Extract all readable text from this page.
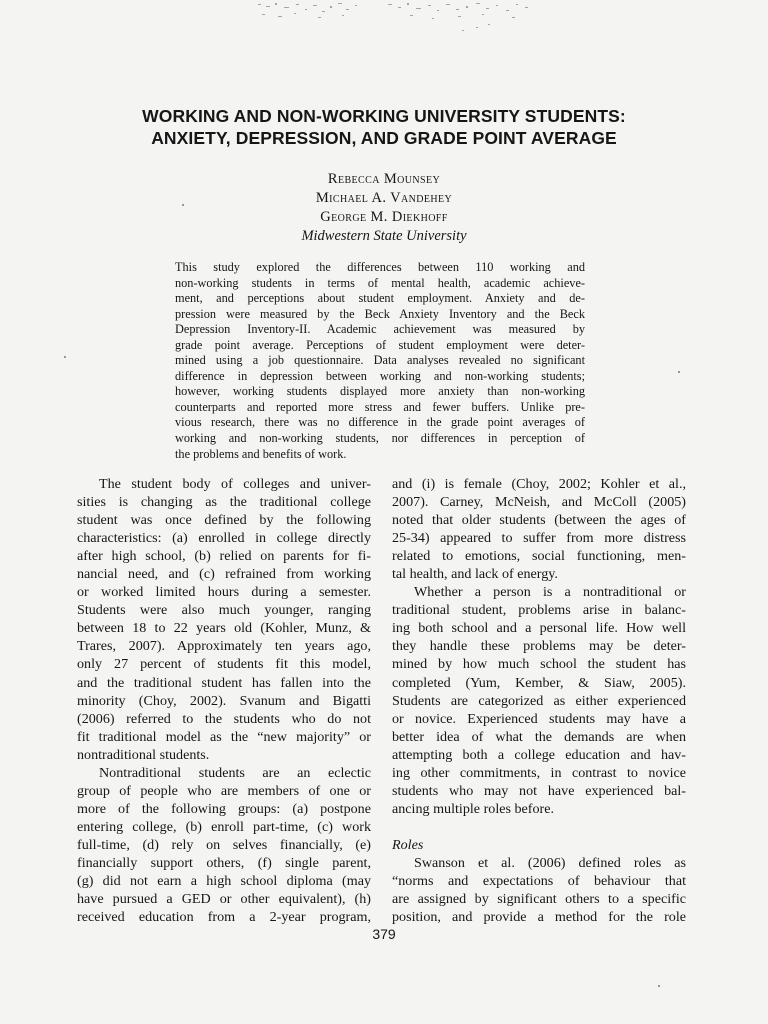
WORKING AND NON-WORKING UNIVERSITY STUDENTS:
ANXIETY, DEPRESSION, AND GRADE POINT AVERAGE
Rebecca Mounsey
Michael A. Vandehey
George M. Diekhoff
Midwestern State University
This study explored the differences between 110 working and
non-working students in terms of mental health, academic achieve-
ment, and perceptions about student employment. Anxiety and de-
pression were measured by the Beck Anxiety Inventory and the Beck
Depression Inventory-II. Academic achievement was measured by
grade point average. Perceptions of student employment were deter-
mined using a job questionnaire. Data analyses revealed no significant
difference in depression between working and non-working students;
however, working students displayed more anxiety than non-working
counterparts and reported more stress and fewer buffers. Unlike pre-
vious research, there was no difference in the grade point averages of
working and non-working students, nor differences in perception of
the problems and benefits of work.
The student body of colleges and univer-
sities is changing as the traditional college
student was once defined by the following
characteristics: (a) enrolled in college directly
after high school, (b) relied on parents for fi-
nancial need, and (c) refrained from working
or worked limited hours during a semester.
Students were also much younger, ranging
between 18 to 22 years old (Kohler, Munz, &
Trares, 2007). Approximately ten years ago,
only 27 percent of students fit this model,
and the traditional student has fallen into the
minority (Choy, 2002). Svanum and Bigatti
(2006) referred to the students who do not
fit traditional model as the “new majority” or
nontraditional students.
Nontraditional students are an eclectic
group of people who are members of one or
more of the following groups: (a) postpone
entering college, (b) enroll part-time, (c) work
full-time, (d) rely on selves financially, (e)
financially support others, (f) single parent,
(g) did not earn a high school diploma (may
have pursued a GED or other equivalent), (h)
received education from a 2-year program,
and (i) is female (Choy, 2002; Kohler et al.,
2007). Carney, McNeish, and McColl (2005)
noted that older students (between the ages of
25-34) appeared to suffer from more distress
related to emotions, social functioning, men-
tal health, and lack of energy.
Whether a person is a nontraditional or
traditional student, problems arise in balanc-
ing both school and a personal life. How well
they handle these problems may be deter-
mined by how much school the student has
completed (Yum, Kember, & Siaw, 2005).
Students are categorized as either experienced
or novice. Experienced students may have a
better idea of what the demands are when
attempting both a college education and hav-
ing other commitments, in contrast to novice
students who may not have experienced bal-
ancing multiple roles before.
Roles
Swanson et al. (2006) defined roles as
“norms and expectations of behaviour that
are assigned by significant others to a specific
position, and provide a method for the role
379
